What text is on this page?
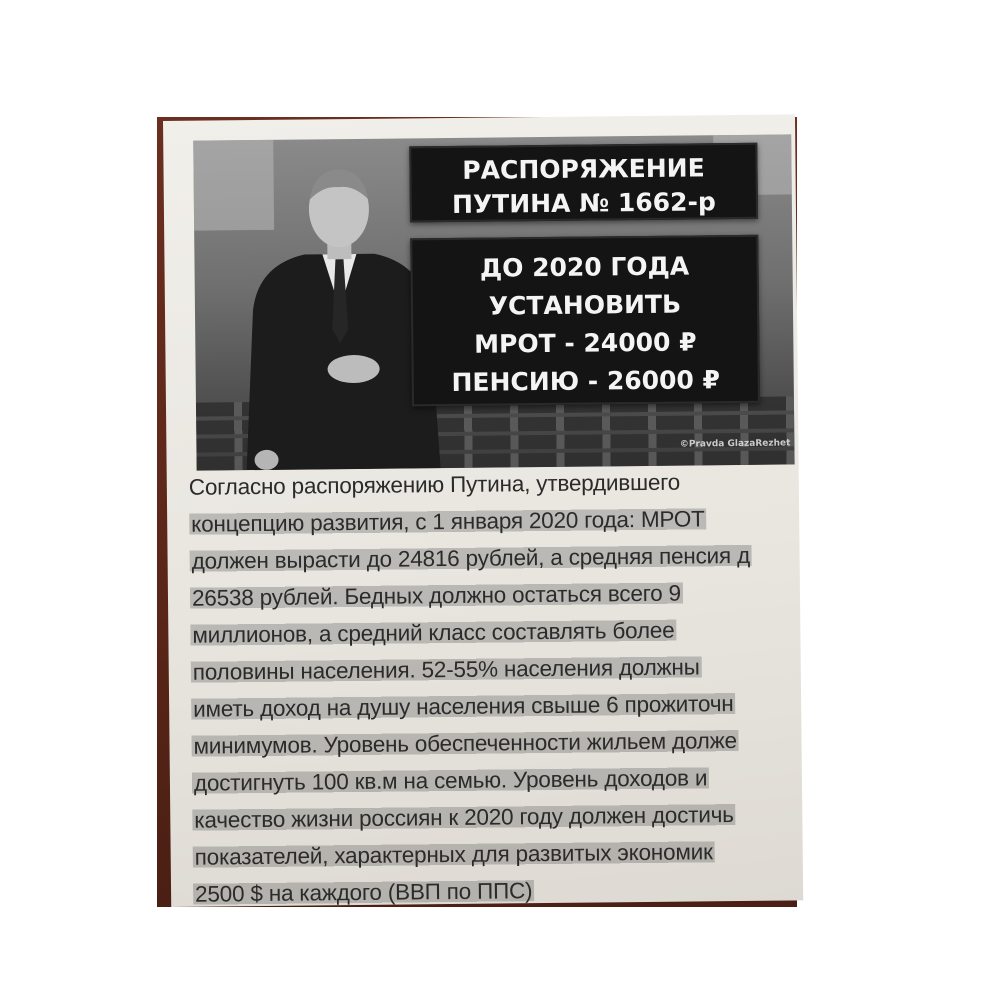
РАСПОРЯЖЕНИЕ
ПУТИНА № 1662-р
ДО 2020 ГОДА
УСТАНОВИТЬ
МРОТ - 24000 ₽
ПЕНСИЮ - 26000 ₽
©Pravda GlazaRezhet
Согласно распоряжению Путина, утвердившего
концепцию развития, с 1 января 2020 года: МРОТ
должен вырасти до 24816 рублей, а средняя пенсия д
26538 рублей. Бедных должно остаться всего 9
миллионов, а средний класс составлять более
половины населения. 52-55% населения должны
иметь доход на душу населения свыше 6 прожиточн
минимумов. Уровень обеспеченности жильем долже
достигнуть 100 кв.м на семью. Уровень доходов и
качество жизни россиян к 2020 году должен достичь
показателей, характерных для развитых экономик
2500 $ на каждого (ВВП по ППС)
